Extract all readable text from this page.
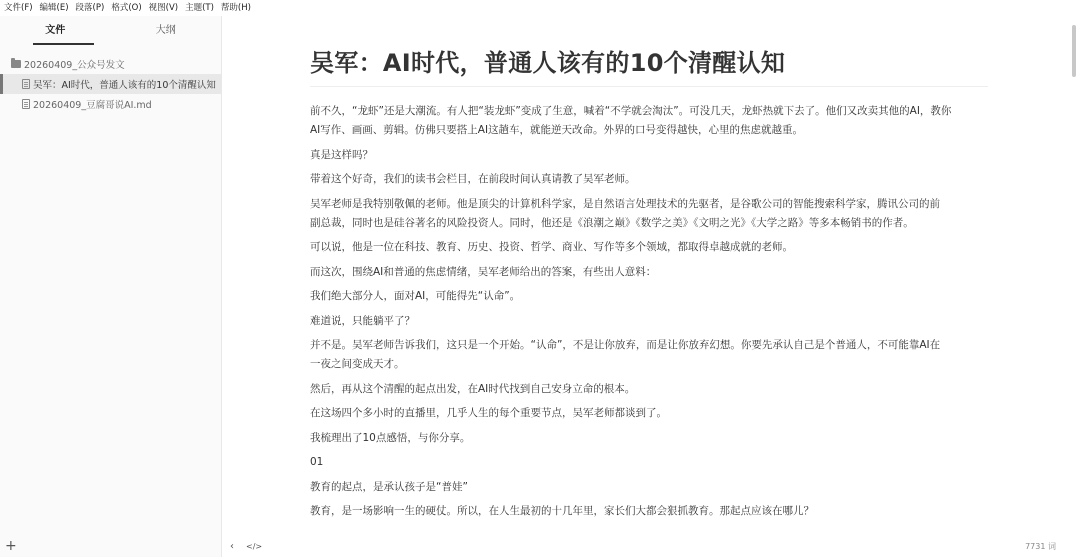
文件(F) 编辑(E) 段落(P) 格式(O) 视图(V) 主题(T) 帮助(H)
文件	大纲
20260409_公众号发文
吴军：AI时代，普通人该有的10个清醒认知
20260409_豆腐哥说AI.md
+
吴军：AI时代，普通人该有的10个清醒认知
前不久，“龙虾”还是大潮流。有人把“装龙虾”变成了生意，喊着“不学就会淘汰”。可没几天，龙虾热就下去了。他们又改卖其他的AI，教你
AI写作、画画、剪辑。仿佛只要搭上AI这趟车，就能逆天改命。外界的口号变得越快，心里的焦虑就越重。
真是这样吗？
带着这个好奇，我们的读书会栏目，在前段时间认真请教了吴军老师。
吴军老师是我特别敬佩的老师。他是顶尖的计算机科学家，是自然语言处理技术的先驱者，是谷歌公司的智能搜索科学家，腾讯公司的前
副总裁，同时也是硅谷著名的风险投资人。同时，他还是《浪潮之巅》《数学之美》《文明之光》《大学之路》等多本畅销书的作者。
可以说，他是一位在科技、教育、历史、投资、哲学、商业、写作等多个领域，都取得卓越成就的老师。
而这次，围绕AI和普通的焦虑情绪，吴军老师给出的答案，有些出人意料：
我们绝大部分人，面对AI，可能得先“认命”。
难道说，只能躺平了？
并不是。吴军老师告诉我们，这只是一个开始。“认命”，不是让你放弃，而是让你放弃幻想。你要先承认自己是个普通人，不可能靠AI在
一夜之间变成天才。
然后，再从这个清醒的起点出发，在AI时代找到自己安身立命的根本。
在这场四个多小时的直播里，几乎人生的每个重要节点，吴军老师都谈到了。
我梳理出了10点感悟，与你分享。
01
教育的起点，是承认孩子是“普娃”
教育，是一场影响一生的硬仗。所以，在人生最初的十几年里，家长们大都会狠抓教育。那起点应该在哪儿？
‹ </>	7731 词
